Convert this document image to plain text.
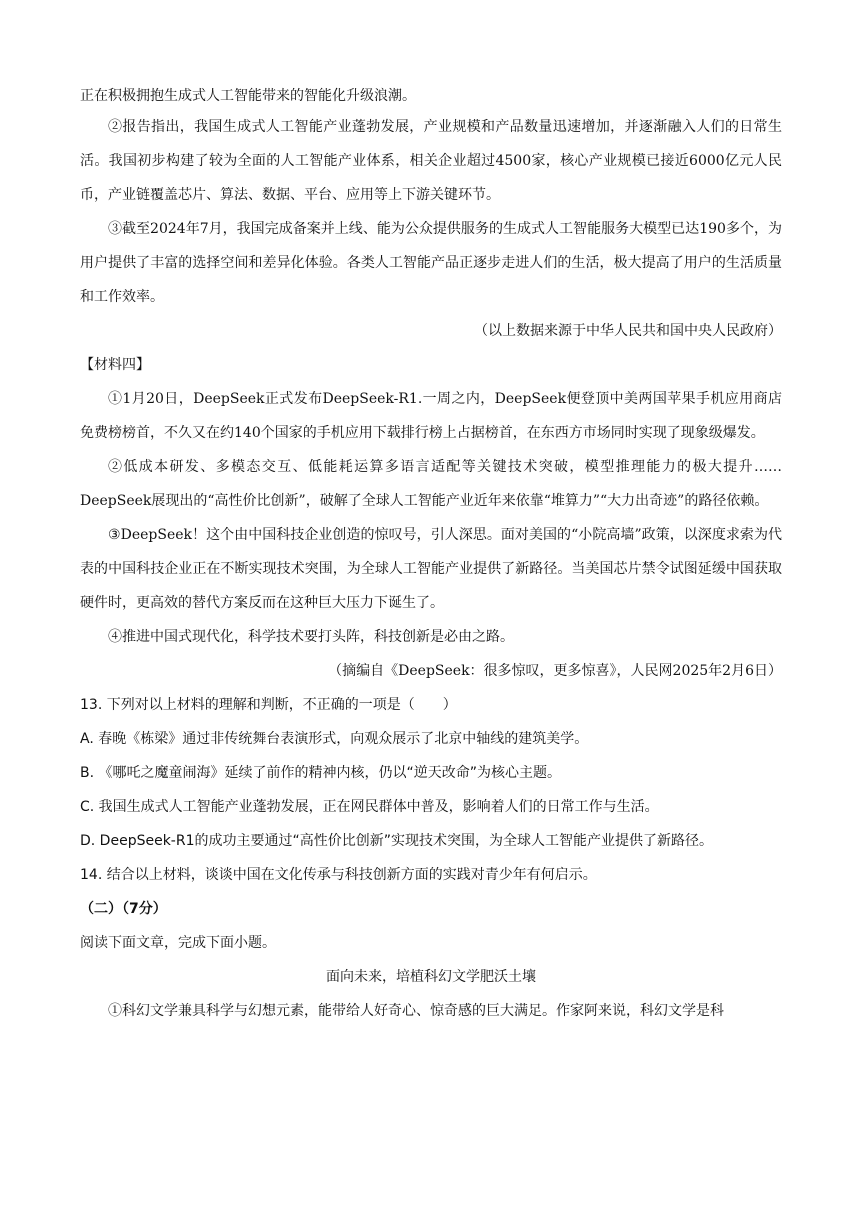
正在积极拥抱生成式人工智能带来的智能化升级浪潮。

②报告指出，我国生成式人工智能产业蓬勃发展，产业规模和产品数量迅速增加，并逐渐融入人们的日常生活。我国初步构建了较为全面的人工智能产业体系，相关企业超过4500家，核心产业规模已接近6000亿元人民币，产业链覆盖芯片、算法、数据、平台、应用等上下游关键环节。

③截至2024年7月，我国完成备案并上线、能为公众提供服务的生成式人工智能服务大模型已达190多个，为用户提供了丰富的选择空间和差异化体验。各类人工智能产品正逐步走进人们的生活，极大提高了用户的生活质量和工作效率。

（以上数据来源于中华人民共和国中央人民政府）

【材料四】

①1月20日，DeepSeek正式发布DeepSeek-R1.一周之内，DeepSeek便登顶中美两国苹果手机应用商店免费榜榜首，不久又在约140个国家的手机应用下载排行榜上占据榜首，在东西方市场同时实现了现象级爆发。

②低成本研发、多模态交互、低能耗运算多语言适配等关键技术突破，模型推理能力的极大提升……DeepSeek展现出的“高性价比创新”，破解了全球人工智能产业近年来依靠“堆算力”“大力出奇迹”的路径依赖。

③DeepSeek！这个由中国科技企业创造的惊叹号，引人深思。面对美国的“小院高墙”政策，以深度求索为代表的中国科技企业正在不断实现技术突围，为全球人工智能产业提供了新路径。当美国芯片禁令试图延缓中国获取硬件时，更高效的替代方案反而在这种巨大压力下诞生了。

④推进中国式现代化，科学技术要打头阵，科技创新是必由之路。

（摘编自《DeepSeek：很多惊叹，更多惊喜》，人民网2025年2月6日）

13. 下列对以上材料的理解和判断，不正确的一项是（　　）

A. 春晚《栋梁》通过非传统舞台表演形式，向观众展示了北京中轴线的建筑美学。

B. 《哪吒之魔童闹海》延续了前作的精神内核，仍以“逆天改命”为核心主题。

C. 我国生成式人工智能产业蓬勃发展，正在网民群体中普及，影响着人们的日常工作与生活。

D. DeepSeek-R1的成功主要通过“高性价比创新”实现技术突围，为全球人工智能产业提供了新路径。

14. 结合以上材料，谈谈中国在文化传承与科技创新方面的实践对青少年有何启示。

（二）（7分）

阅读下面文章，完成下面小题。

面向未来，培植科幻文学肥沃土壤

①科幻文学兼具科学与幻想元素，能带给人好奇心、惊奇感的巨大满足。作家阿来说，科幻文学是科
